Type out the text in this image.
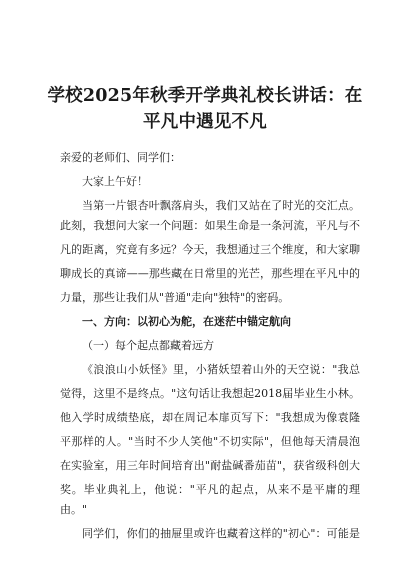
学校2025年秋季开学典礼校长讲话：在
平凡中遇见不凡
亲爱的老师们、同学们：
大家上午好！
当第一片银杏叶飘落肩头，我们又站在了时光的交汇点。
此刻，我想问大家一个问题：如果生命是一条河流，平凡与不
凡的距离，究竟有多远？今天，我想通过三个维度，和大家聊
聊成长的真谛——那些藏在日常里的光芒，那些埋在平凡中的
力量，那些让我们从"普通"走向"独特"的密码。
一、方向：以初心为舵，在迷茫中锚定航向
（一）每个起点都藏着远方
《浪浪山小妖怪》里，小猪妖望着山外的天空说："我总
觉得，这里不是终点。"这句话让我想起2018届毕业生小林。
他入学时成绩垫底，却在周记本扉页写下："我想成为像袁隆
平那样的人。"当时不少人笑他"不切实际"，但他每天清晨泡
在实验室，用三年时间培育出"耐盐碱番茄苗"，获省级科创大
奖。毕业典礼上，他说："平凡的起点，从来不是平庸的理
由。"
同学们，你们的抽屉里或许也藏着这样的"初心"：可能是
